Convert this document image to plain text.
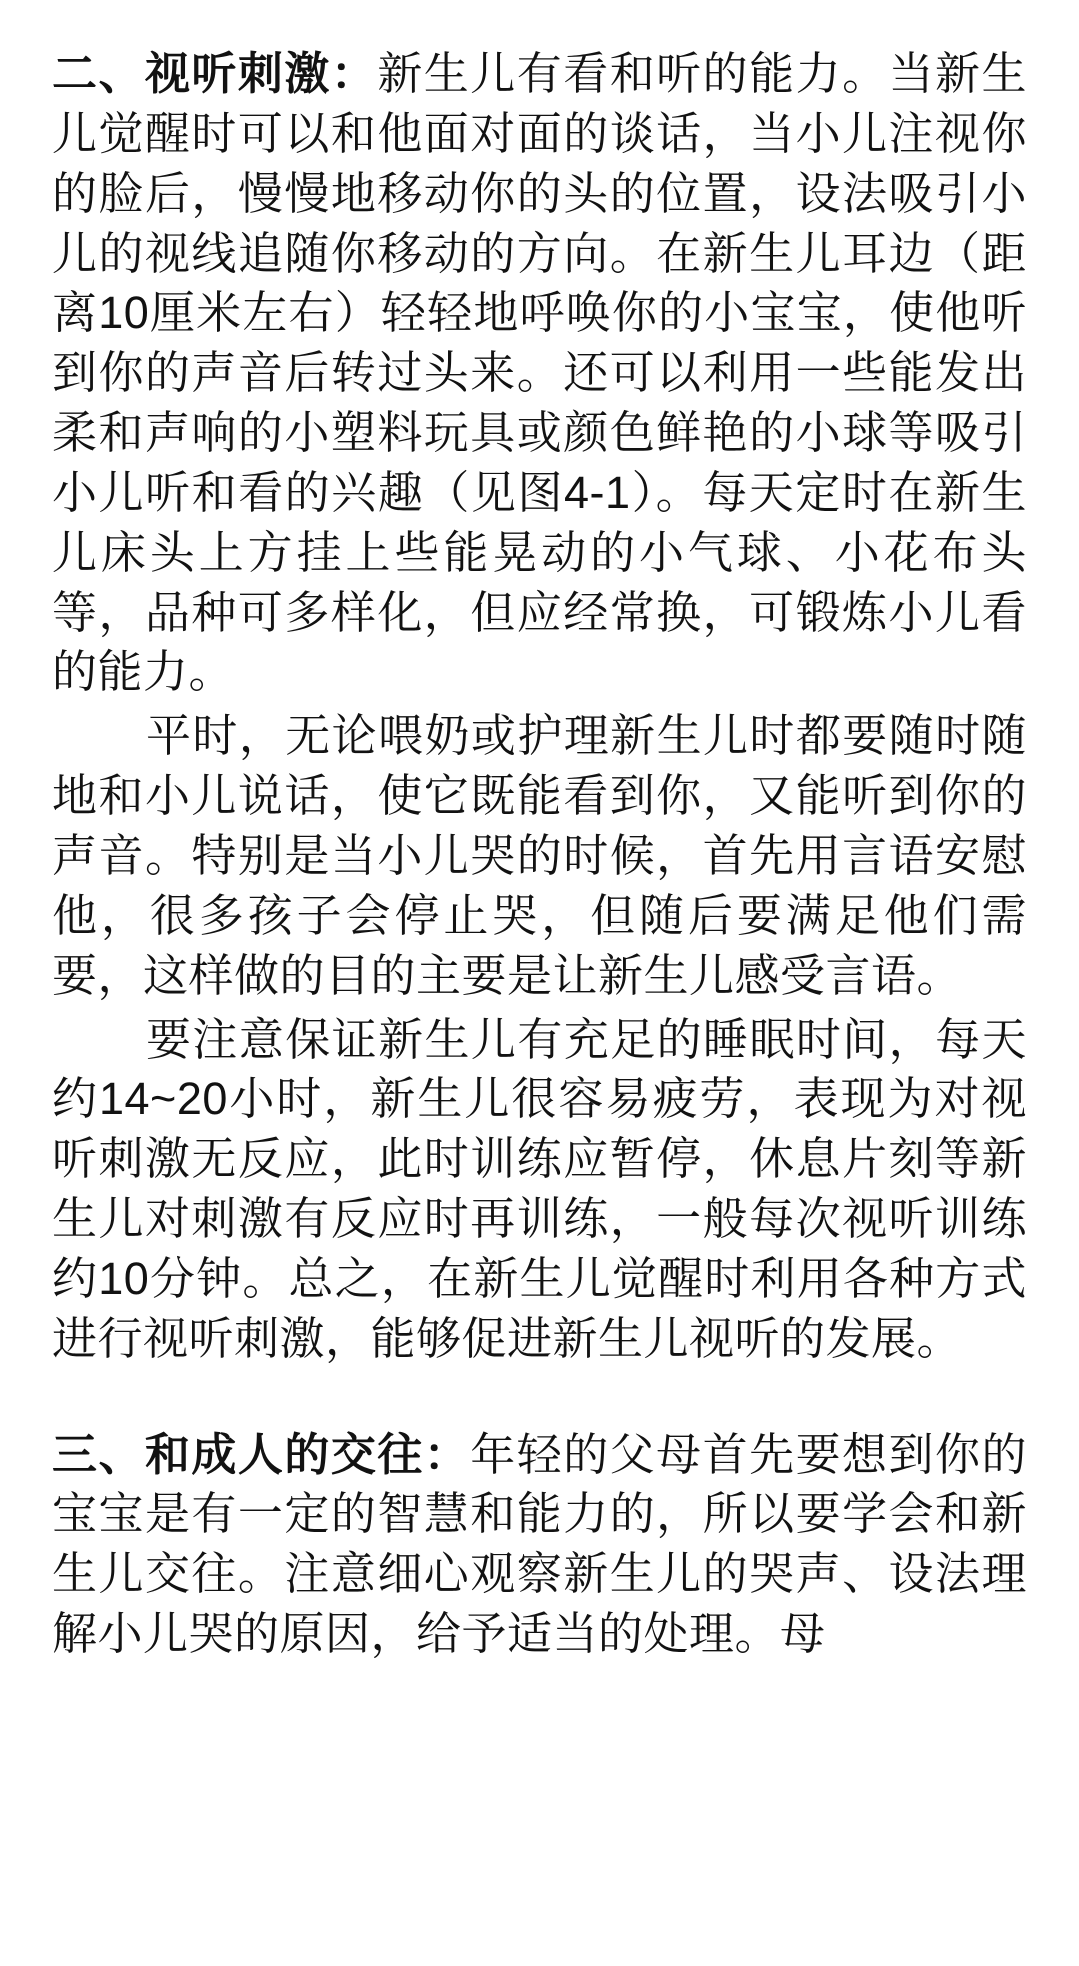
二、视听刺激：新生儿有看和听的能力。当新生儿觉醒时可以和他面对面的谈话，当小儿注视你的脸后，慢慢地移动你的头的位置，设法吸引小儿的视线追随你移动的方向。在新生儿耳边（距离10厘米左右）轻轻地呼唤你的小宝宝，使他听到你的声音后转过头来。还可以利用一些能发出柔和声响的小塑料玩具或颜色鲜艳的小球等吸引小儿听和看的兴趣（见图4-1）。每天定时在新生儿床头上方挂上些能晃动的小气球、小花布头等，品种可多样化，但应经常换，可锻炼小儿看的能力。

平时，无论喂奶或护理新生儿时都要随时随地和小儿说话，使它既能看到你，又能听到你的声音。特别是当小儿哭的时候，首先用言语安慰他，很多孩子会停止哭，但随后要满足他们需要，这样做的目的主要是让新生儿感受言语。

要注意保证新生儿有充足的睡眠时间，每天约14~20小时，新生儿很容易疲劳，表现为对视听刺激无反应，此时训练应暂停，休息片刻等新生儿对刺激有反应时再训练，一般每次视听训练约10分钟。总之，在新生儿觉醒时利用各种方式进行视听刺激，能够促进新生儿视听的发展。

三、和成人的交往：年轻的父母首先要想到你的宝宝是有一定的智慧和能力的，所以要学会和新生儿交往。注意细心观察新生儿的哭声、设法理解小儿哭的原因，给予适当的处理。母
